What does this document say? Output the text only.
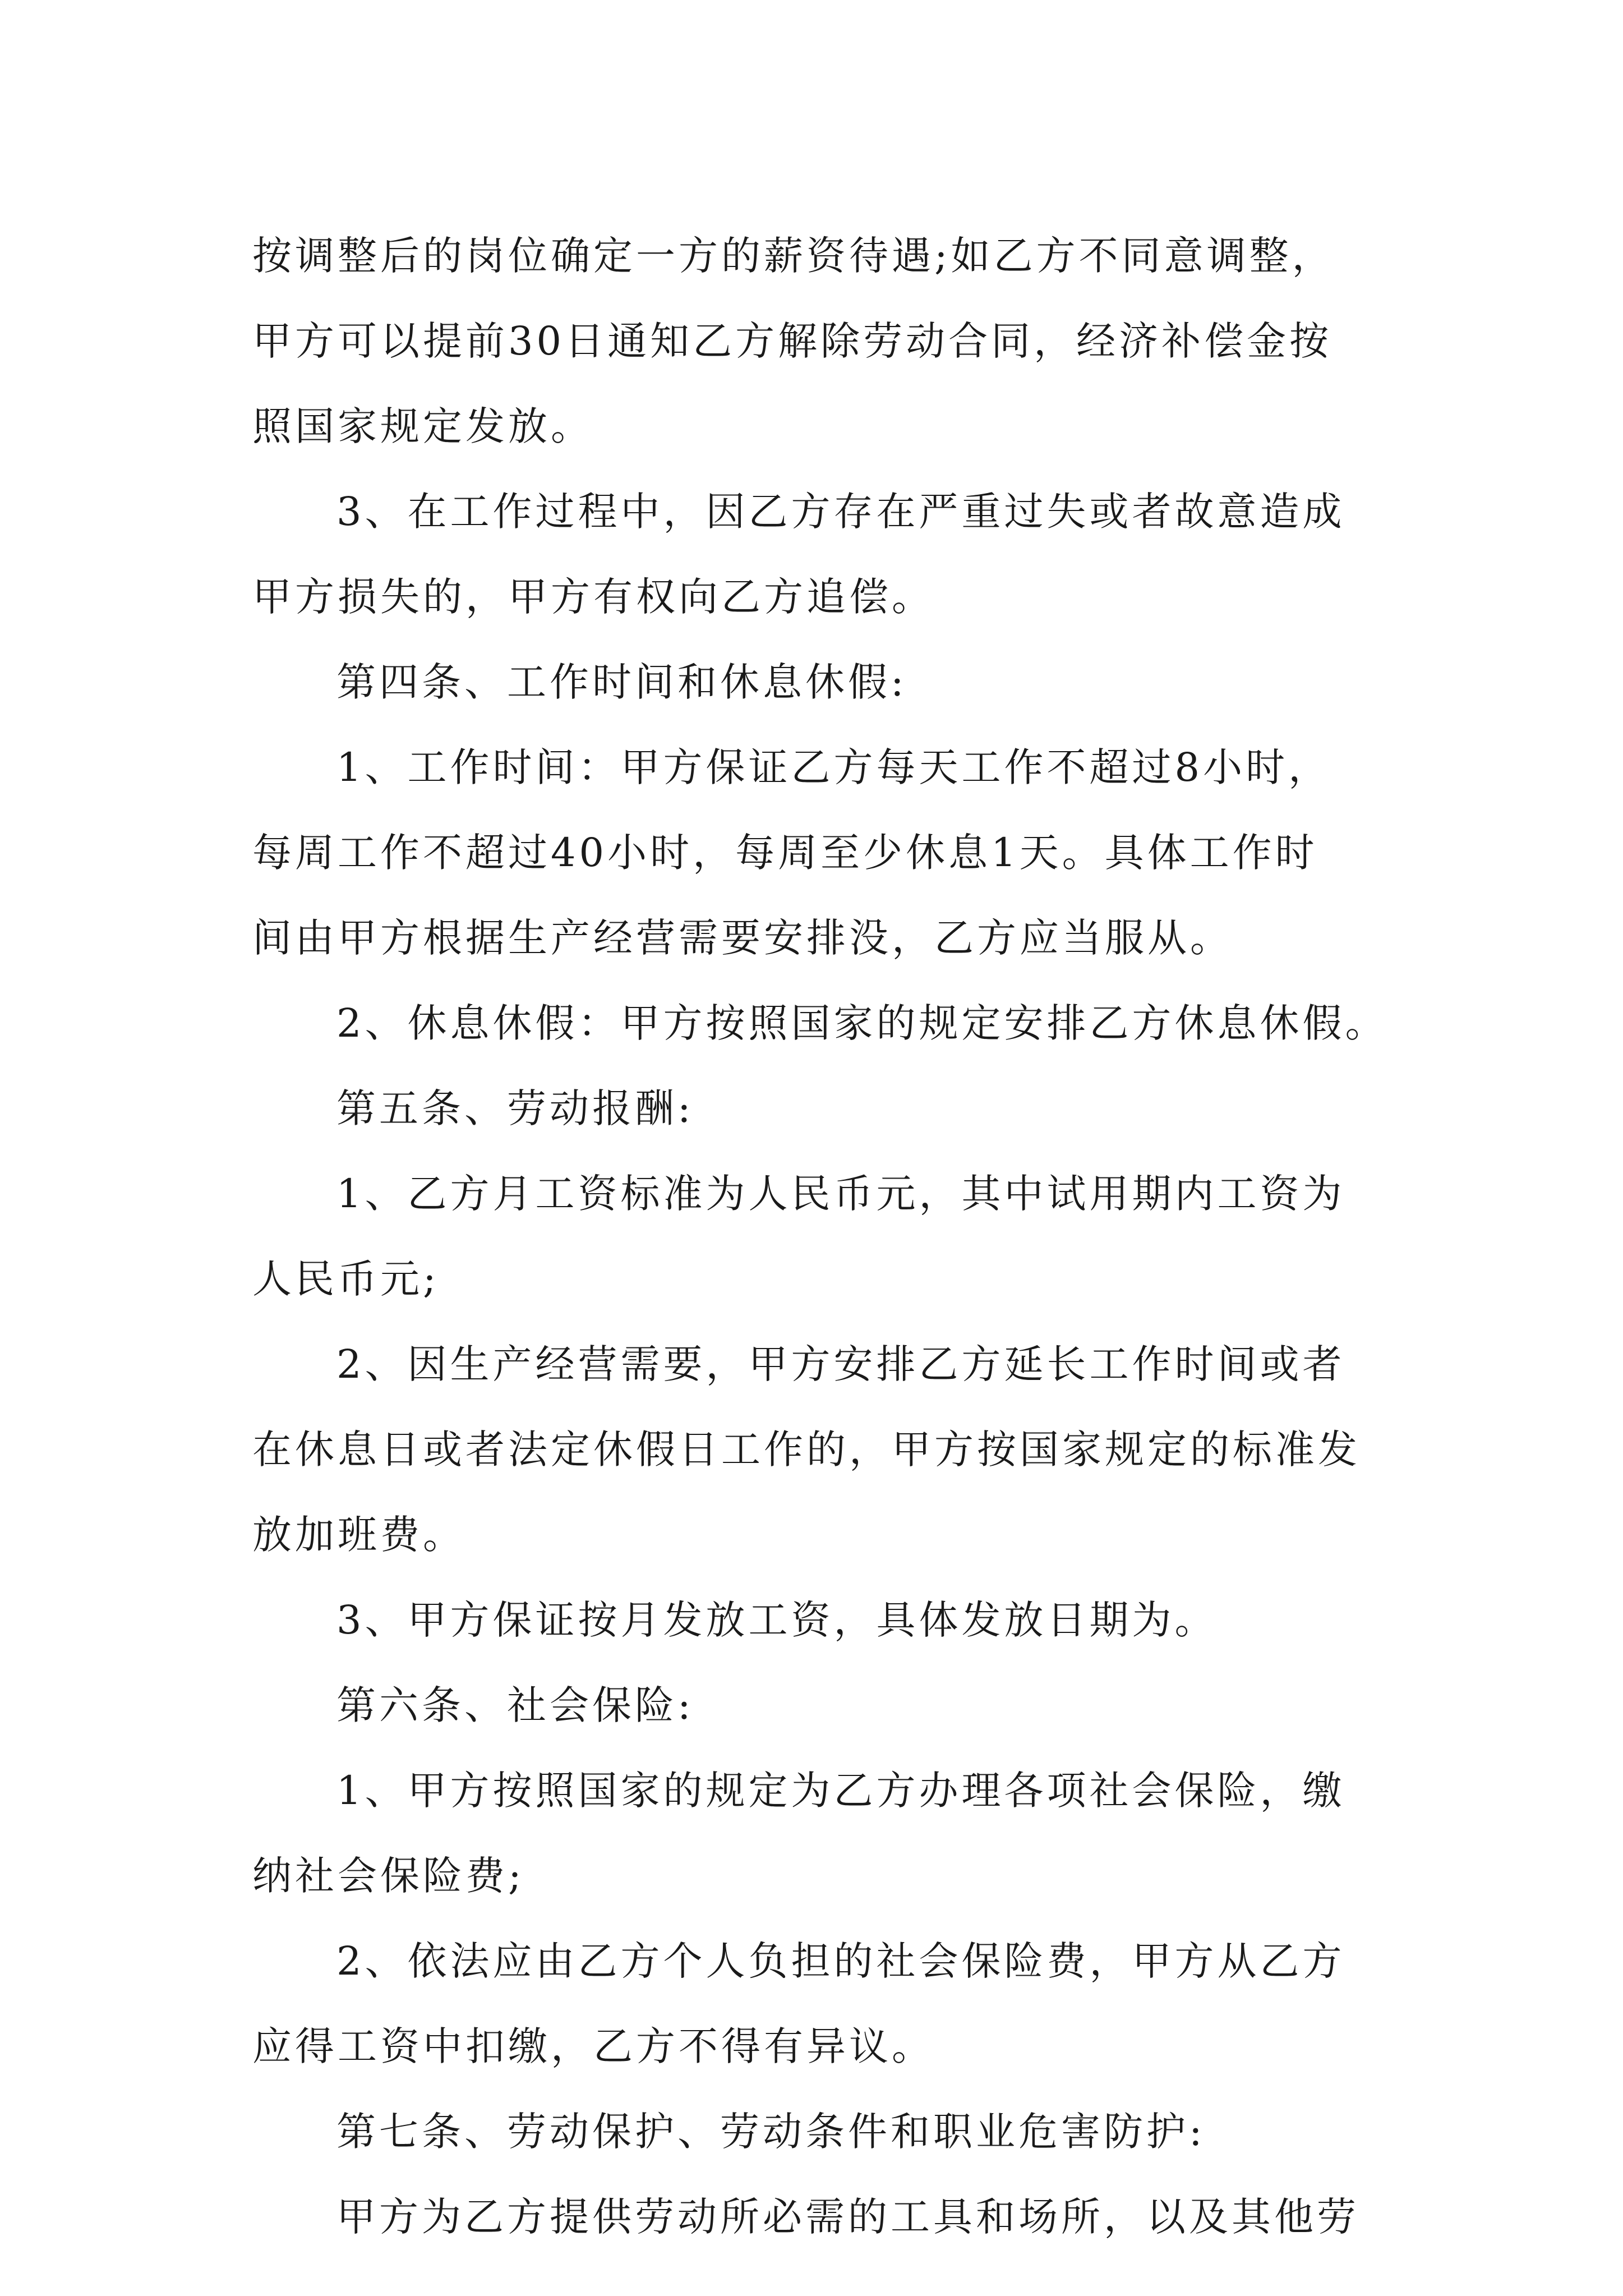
按调整后的岗位确定一方的薪资待遇;如乙方不同意调整，
甲方可以提前30日通知乙方解除劳动合同，经济补偿金按
照国家规定发放。
3、在工作过程中，因乙方存在严重过失或者故意造成
甲方损失的，甲方有权向乙方追偿。
第四条、工作时间和休息休假:
1、工作时间：甲方保证乙方每天工作不超过8小时，
每周工作不超过40小时，每周至少休息1天。具体工作时
间由甲方根据生产经营需要安排没，乙方应当服从。
2、休息休假：甲方按照国家的规定安排乙方休息休假。
第五条、劳动报酬:
1、乙方月工资标准为人民币元，其中试用期内工资为
人民币元;
2、因生产经营需要，甲方安排乙方延长工作时间或者
在休息日或者法定休假日工作的，甲方按国家规定的标准发
放加班费。
3、甲方保证按月发放工资，具体发放日期为。
第六条、社会保险:
1、甲方按照国家的规定为乙方办理各项社会保险，缴
纳社会保险费;
2、依法应由乙方个人负担的社会保险费，甲方从乙方
应得工资中扣缴，乙方不得有异议。
第七条、劳动保护、劳动条件和职业危害防护:
甲方为乙方提供劳动所必需的工具和场所，以及其他劳
